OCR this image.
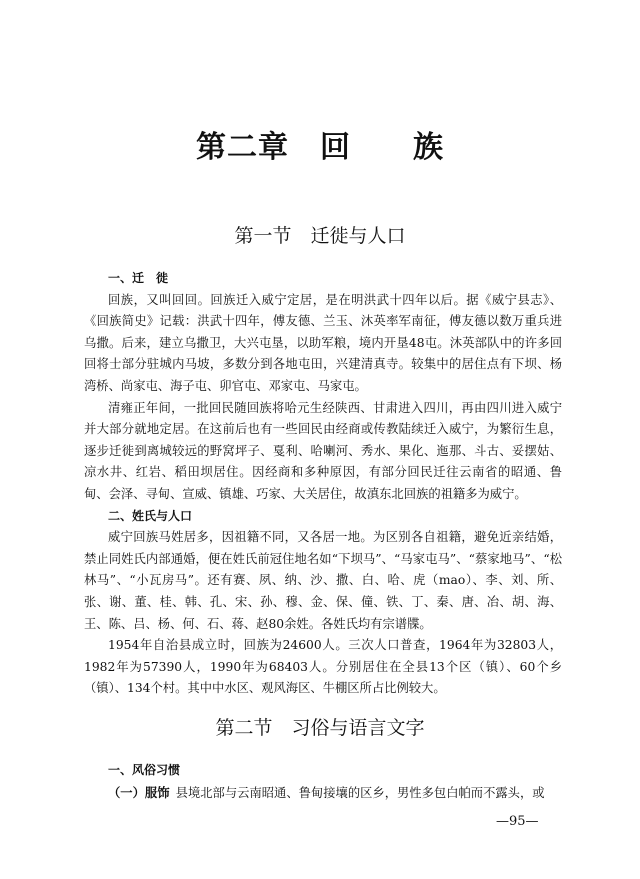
第二章　回　　族
第一节　迁徙与人口

一、迁　徙

回族，又叫回回。回族迁入威宁定居，是在明洪武十四年以后。据《威宁县志》、《回族简史》记载：洪武十四年，傅友德、兰玉、沐英率军南征，傅友德以数万重兵进乌撒。后来，建立乌撒卫，大兴屯垦，以助军粮，境内开垦48屯。沐英部队中的许多回回将士部分驻城内马坡，多数分到各地屯田，兴建清真寺。较集中的居住点有下坝、杨湾桥、尚家屯、海子屯、卯官屯、邓家屯、马家屯。

清雍正年间，一批回民随回族将哈元生经陕西、甘肃进入四川，再由四川进入威宁并大部分就地定居。在这前后也有一些回民由经商或传教陆续迁入威宁，为繁衍生息，逐步迁徙到离城较远的野窝坪子、戛利、哈喇河、秀水、果化、迤那、斗古、妥摆姑、凉水井、红岩、稻田坝居住。因经商和多种原因，有部分回民迁往云南省的昭通、鲁甸、会泽、寻甸、宣威、镇雄、巧家、大关居住，故滇东北回族的祖籍多为威宁。

二、姓氏与人口

威宁回族马姓居多，因祖籍不同，又各居一地。为区别各自祖籍，避免近亲结婚，禁止同姓氏内部通婚，便在姓氏前冠住地名如“下坝马”、“马家屯马”、“蔡家地马”、“松林马”、“小瓦房马”。还有赛、夙、纳、沙、撒、白、哈、虎（mao）、李、刘、所、张、谢、董、桂、韩、孔、宋、孙、穆、金、保、僮、铁、丁、秦、唐、冶、胡、海、王、陈、吕、杨、何、石、蒋、赵80余姓。各姓氏均有宗谱牒。

1954年自治县成立时，回族为24600人。三次人口普查，1964年为32803人，1982年为57390人，1990年为68403人。分别居住在全县13个区（镇）、60个乡（镇）、134个村。其中中水区、观风海区、牛棚区所占比例较大。

第二节　习俗与语言文字

一、风俗习惯

（一）服饰  县境北部与云南昭通、鲁甸接壤的区乡，男性多包白帕而不露头，或

—95—
